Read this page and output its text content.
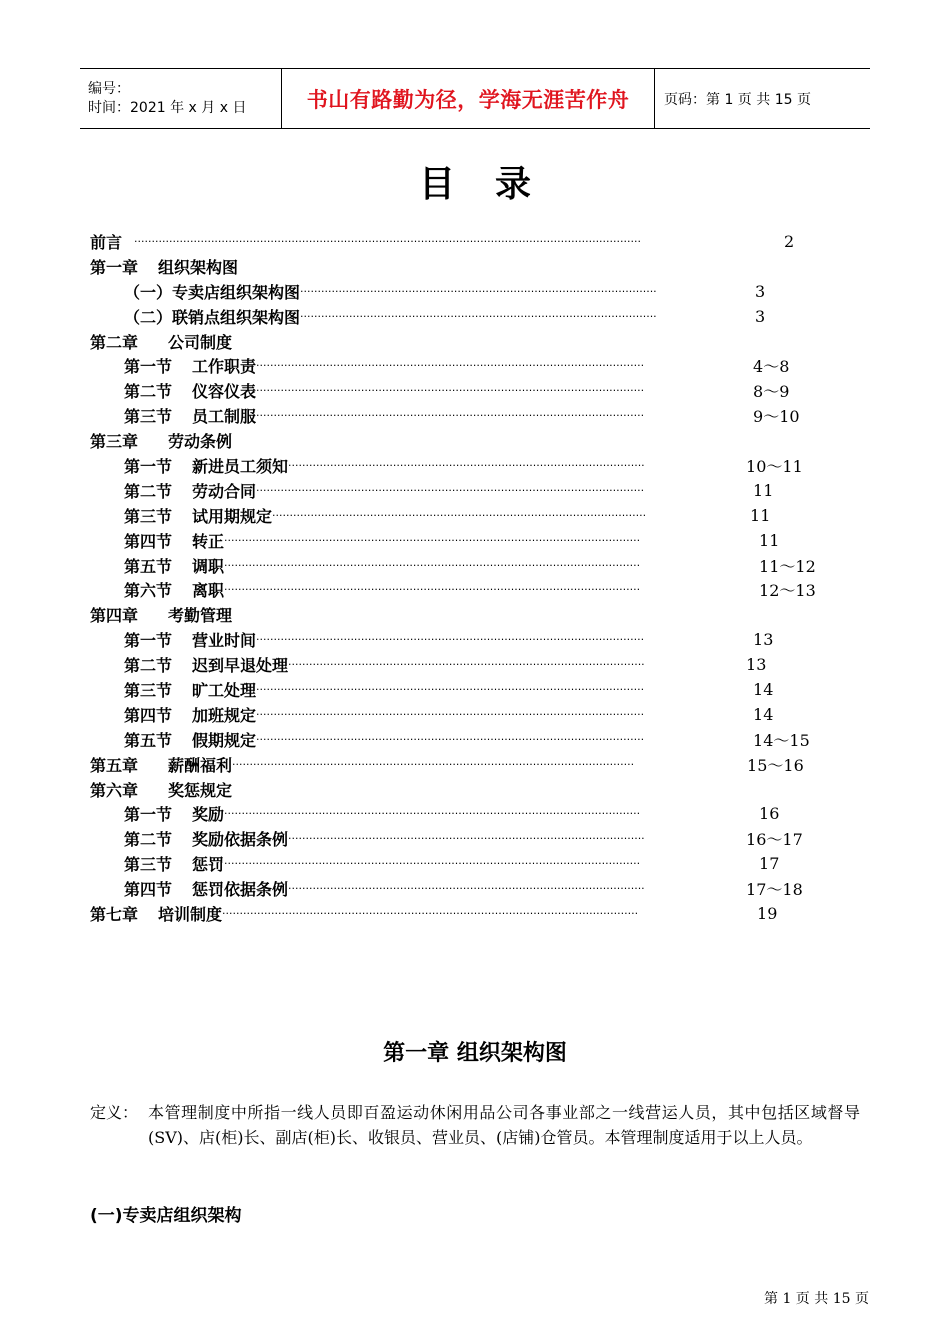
编号：
时间：2021 年 x 月 x 日	书山有路勤为径，学海无涯苦作舟 页码：第 1 页 共 15 页
目录
前言 ·················································································································································	2
第一章 组织架构图
（一） 专卖店组织架构图 ······································································································	3
（二） 联销点组织架构图 ······································································································	3
第二章 公司制度
第一节 工作职责 ···············································································································	4～8
第二节 仪容仪表 ···············································································································	8～9
第三节 员工制服 ···············································································································	9～10
第三章 劳动条例
第一节 新进员工须知 ······································································································	10～11
第二节 劳动合同 ···············································································································	11
第三节 试用期规定 ···········································································································	11
第四节 转正 ·······················································································································	11
第五节 调职 ·······················································································································	11～12
第六节 离职 ·······················································································································	12～13
第四章 考勤管理
第一节 营业时间 ···············································································································	13
第二节 迟到早退处理 ······································································································	13
第三节 旷工处理 ···············································································································	14
第四节 加班规定 ···············································································································	14
第五节 假期规定 ···············································································································	14～15
第五章 薪酬福利 ···················································································································	15～16
第六章 奖惩规定
第一节 奖励 ·······················································································································	16
第二节 奖励依据条例 ······································································································	16～17
第三节 惩罚 ·······················································································································	17
第四节 惩罚依据条例 ······································································································	17～18
第七章 培训制度 ·······················································································································	19
第一章 组织架构图
定义： 本管理制度中所指一线人员即百盈运动休闲用品公司各事业部之一线营运人员，其中包括区域督导(SV)、店(柜)长、副店(柜)长、收银员、营业员、(店铺)仓管员。本管理制度适用于以上人员。
(一)专卖店组织架构
第 1 页 共 15 页
